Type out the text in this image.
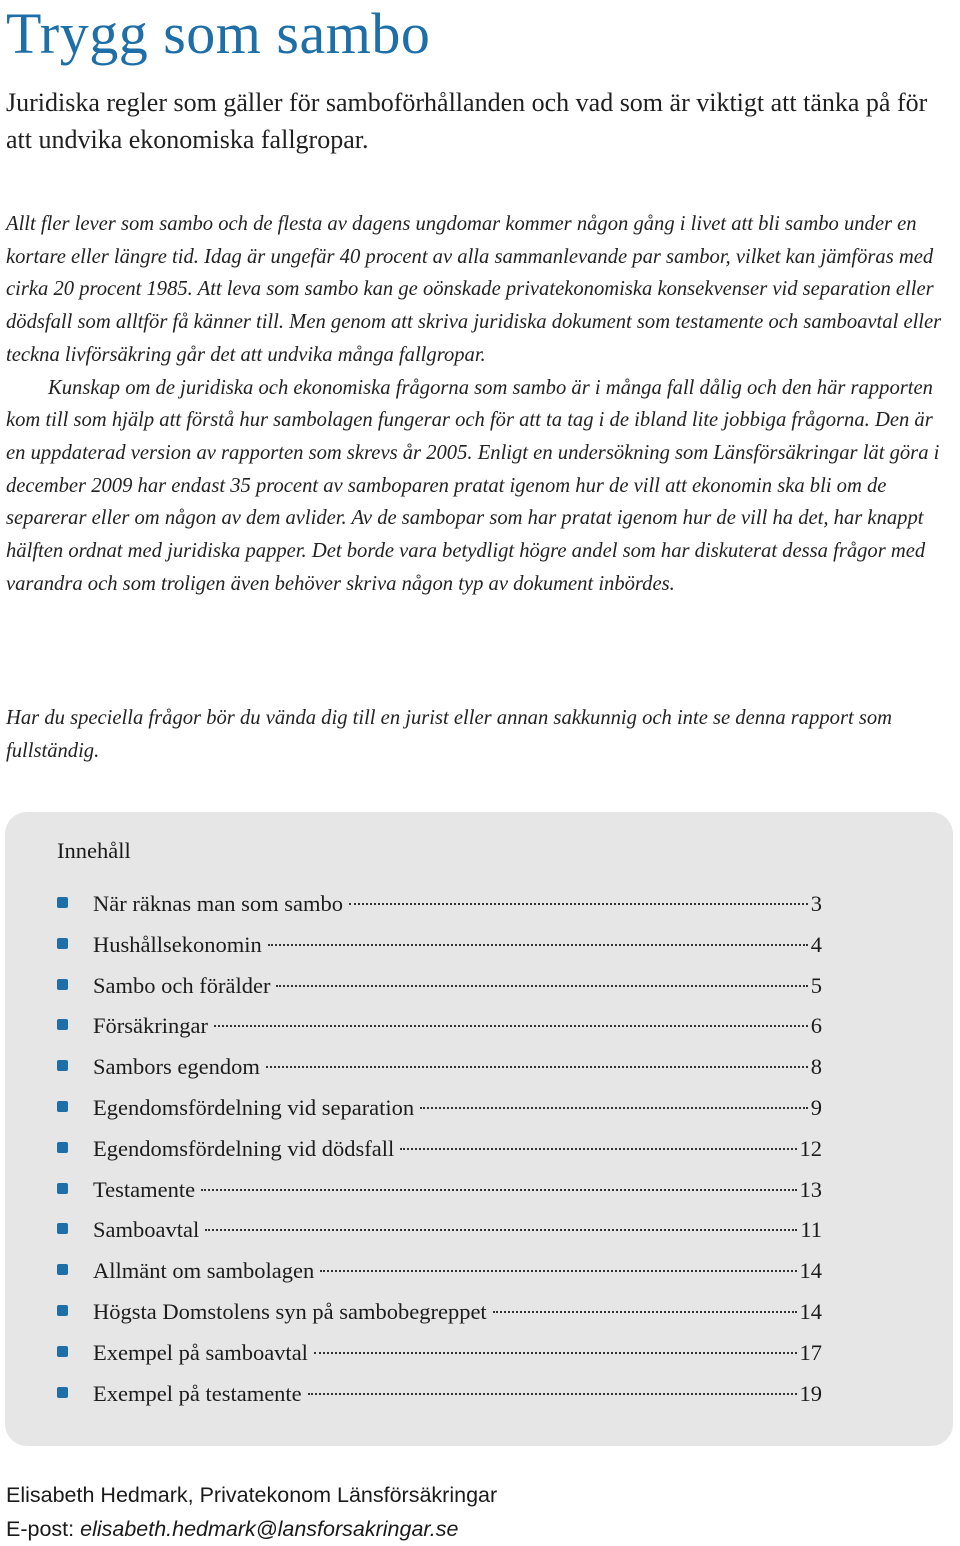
Trygg som sambo

Juridiska regler som gäller för samboförhållanden och vad som är viktigt att tänka på för att undvika ekonomiska fallgropar.

Allt fler lever som sambo och de flesta av dagens ungdomar kommer någon gång i livet att bli sambo under en kortare eller längre tid. Idag är ungefär 40 procent av alla sammanlevande par sambor, vilket kan jämföras med cirka 20 procent 1985. Att leva som sambo kan ge oönskade privatekonomiska konsekvenser vid separation eller dödsfall som alltför få känner till. Men genom att skriva juridiska dokument som testamente och samboavtal eller teckna livförsäkring går det att undvika många fallgropar.

Kunskap om de juridiska och ekonomiska frågorna som sambo är i många fall dålig och den här rapporten kom till som hjälp att förstå hur sambolagen fungerar och för att ta tag i de ibland lite jobbiga frågorna. Den är en uppdaterad version av rapporten som skrevs år 2005. Enligt en undersökning som Länsförsäkringar lät göra i december 2009 har endast 35 procent av samboparen pratat igenom hur de vill att ekonomin ska bli om de separerar eller om någon av dem avlider. Av de sambopar som har pratat igenom hur de vill ha det, har knappt hälften ordnat med juridiska papper. Det borde vara betydligt högre andel som har diskuterat dessa frågor med varandra och som troligen även behöver skriva någon typ av dokument inbördes.

Har du speciella frågor bör du vända dig till en jurist eller annan sakkunnig och inte se denna rapport som fullständig.

Innehåll
När räknas man som sambo	3
Hushållsekonomin	4
Sambo och förälder	5
Försäkringar	6
Sambors egendom	8
Egendomsfördelning vid separation	9
Egendomsfördelning vid dödsfall	12
Testamente	13
Samboavtal	11
Allmänt om sambolagen	14
Högsta Domstolens syn på sambobegreppet	14
Exempel på samboavtal	17
Exempel på testamente	19

Elisabeth Hedmark, Privatekonom Länsförsäkringar

E-post: elisabeth.hedmark@lansforsakringar.se
